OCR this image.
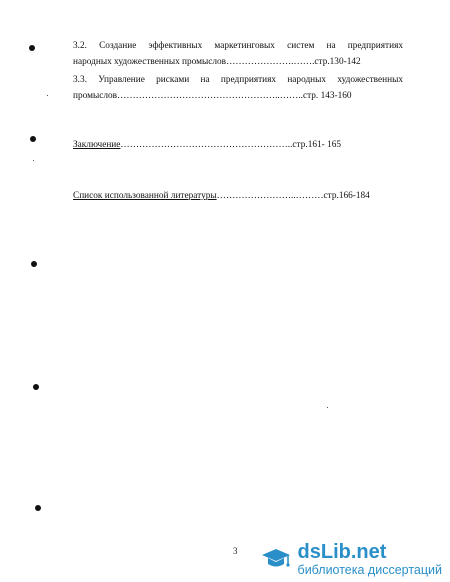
3.2. Создание эффективных маркетинговых систем на предприятиях
народных художественных промыслов………………….…….стр.130-142
3.3. Управление рисками на предприятиях народных художественных
промыслов……………………………………………..……..стр. 143-160
Заключение………………………………………………..стр.161- 165
Список использованной литературы……………………..………стр.166-184
3	dsLib.net
библиотека диссертаций
